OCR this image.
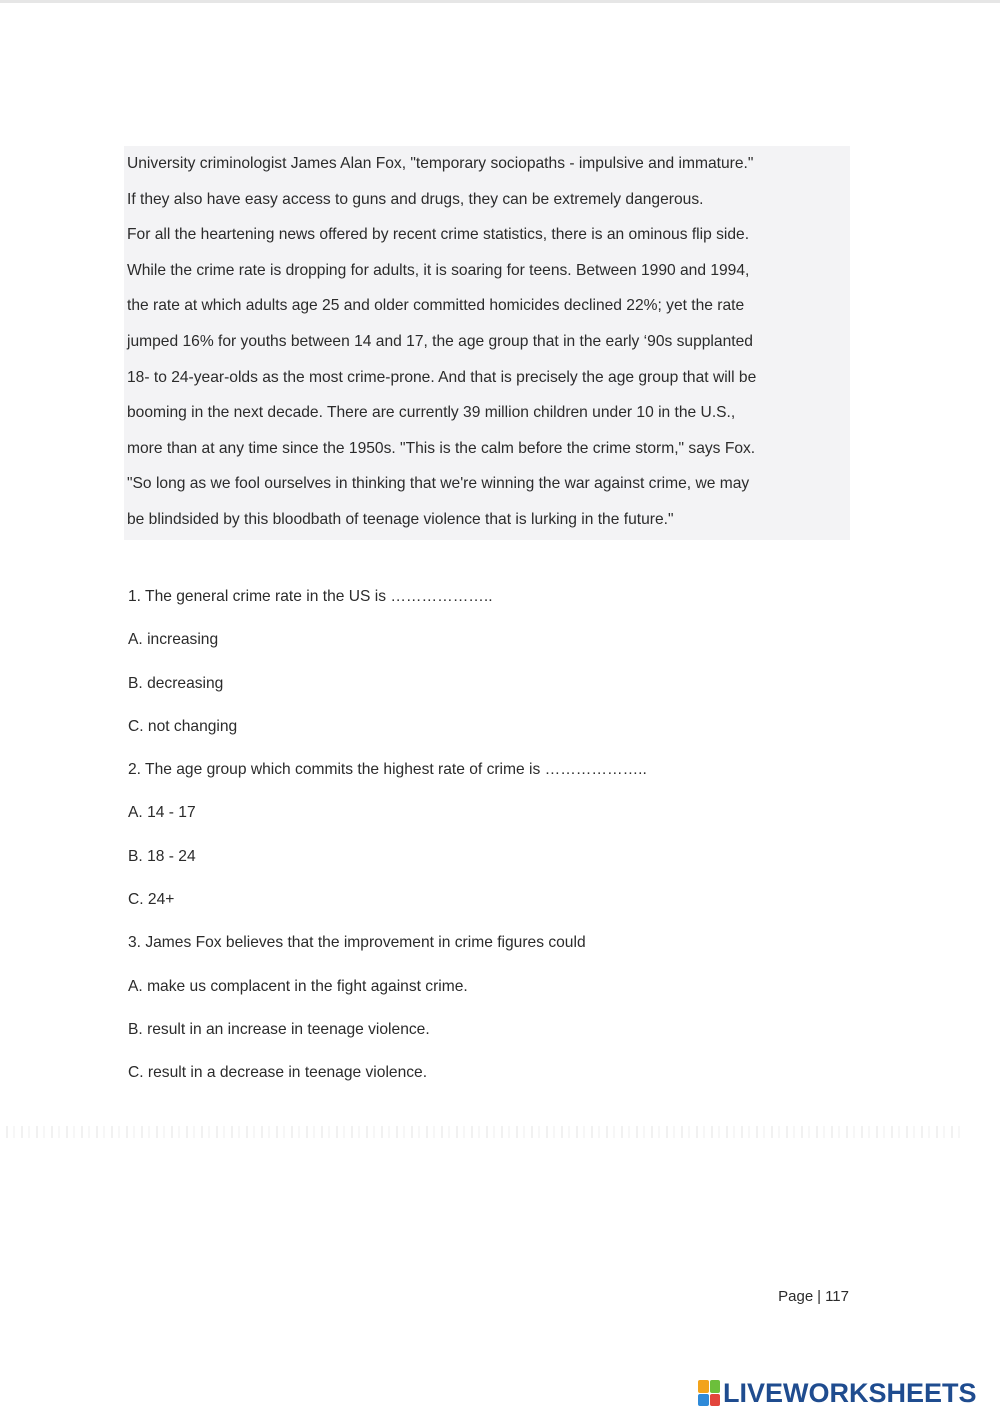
University criminologist James Alan Fox, "temporary sociopaths - impulsive and immature."

If they also have easy access to guns and drugs, they can be extremely dangerous.

For all the heartening news offered by recent crime statistics, there is an ominous flip side.

While the crime rate is dropping for adults, it is soaring for teens. Between 1990 and 1994,

the rate at which adults age 25 and older committed homicides declined 22%; yet the rate

jumped 16% for youths between 14 and 17, the age group that in the early ‘90s supplanted

18- to 24-year-olds as the most crime-prone. And that is precisely the age group that will be

booming in the next decade. There are currently 39 million children under 10 in the U.S.,

more than at any time since the 1950s. "This is the calm before the crime storm," says Fox.

"So long as we fool ourselves in thinking that we're winning the war against crime, we may

be blindsided by this bloodbath of teenage violence that is lurking in the future."

1. The general crime rate in the US is ………………..
A. increasing
B. decreasing
C. not changing
2. The age group which commits the highest rate of crime is ………………..
A. 14 - 17
B. 18 - 24
C. 24+
3. James Fox believes that the improvement in crime figures could
A. make us complacent in the fight against crime.
B. result in an increase in teenage violence.
C. result in a decrease in teenage violence.
Page | 117
LIVEWORKSHEETS
